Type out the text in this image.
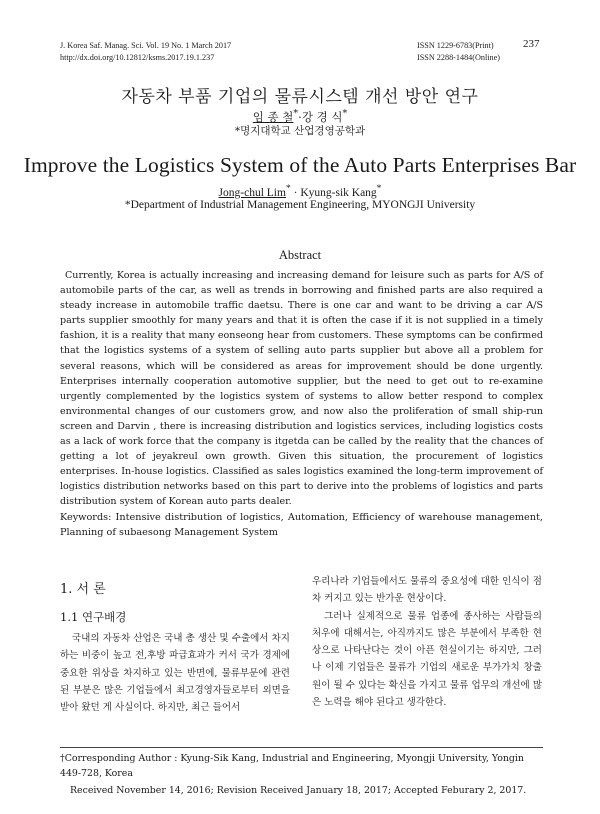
J. Korea Saf. Manag. Sci. Vol. 19 No. 1 March 2017
http://dx.doi.org/10.12812/ksms.2017.19.1.237
ISSN 1229-6783(Print)
ISSN 2288-1484(Online)
237
자동차 부품 기업의 물류시스템 개선 방안 연구
임 종 철*·강 경 식*
*명지대학교 산업경영공학과
Improve the Logistics System of the Auto Parts Enterprises Bar
Jong-chul Lim* · Kyung-sik Kang*
*Department of Industrial Management Engineering, MYONGJI University
Abstract

Currently, Korea is actually increasing and increasing demand for leisure such as parts for A/S of automobile parts of the car, as well as trends in borrowing and finished parts are also required a steady increase in automobile traffic daetsu. There is one car and want to be driving a car A/S parts supplier smoothly for many years and that it is often the case if it is not supplied in a timely fashion, it is a reality that many eonseong hear from customers. These symptoms can be confirmed that the logistics systems of a system of selling auto parts supplier but above all a problem for several reasons, which will be considered as areas for improvement should be done urgently. Enterprises internally cooperation automotive supplier, but the need to get out to re-examine urgently complemented by the logistics system of systems to allow better respond to complex environmental changes of our customers grow, and now also the proliferation of small ship-run screen and Darvin , there is increasing distribution and logistics services, including logistics costs as a lack of work force that the company is itgetda can be called by the reality that the chances of getting a lot of jeyakreul own growth. Given this situation, the procurement of logistics enterprises. In-house logistics. Classified as sales logistics examined the long-term improvement of logistics distribution networks based on this part to derive into the problems of logistics and parts distribution system of Korean auto parts dealer.

Keywords: Intensive distribution of logistics, Automation, Efficiency of warehouse management, Planning of subaesong Management System

1. 서 론
1.1 연구배경

국내의 자동차 산업은 국내 총 생산 및 수출에서 차지하는 비중이 높고 전,후방 파급효과가 커서 국가 경제에 중요한 위상을 차지하고 있는 반면에, 물류부문에 관련된 부분은 많은 기업들에서 최고경영자들로부터 외면을 받아 왔던 게 사실이다. 하지만, 최근 들어서

우리나라 기업들에서도 물류의 중요성에 대한 인식이 점차 커지고 있는 반가운 현상이다.

그러나 실제적으로 물류 업종에 종사하는 사람들의 처우에 대해서는, 아직까지도 많은 부분에서 부족한 현상으로 나타난다는 것이 아픈 현실이기는 하지만, 그러나 이제 기업들은 물류가 기업의 새로운 부가가치 창출원이 될 수 있다는 확신을 가지고 물류 업무의 개선에 많은 노력을 해야 된다고 생각한다.

†Corresponding Author : Kyung-Sik Kang, Industrial and Engineering, Myongji University, Yongin 449-728, Korea

Received November 14, 2016; Revision Received January 18, 2017; Accepted Feburary 2, 2017.
